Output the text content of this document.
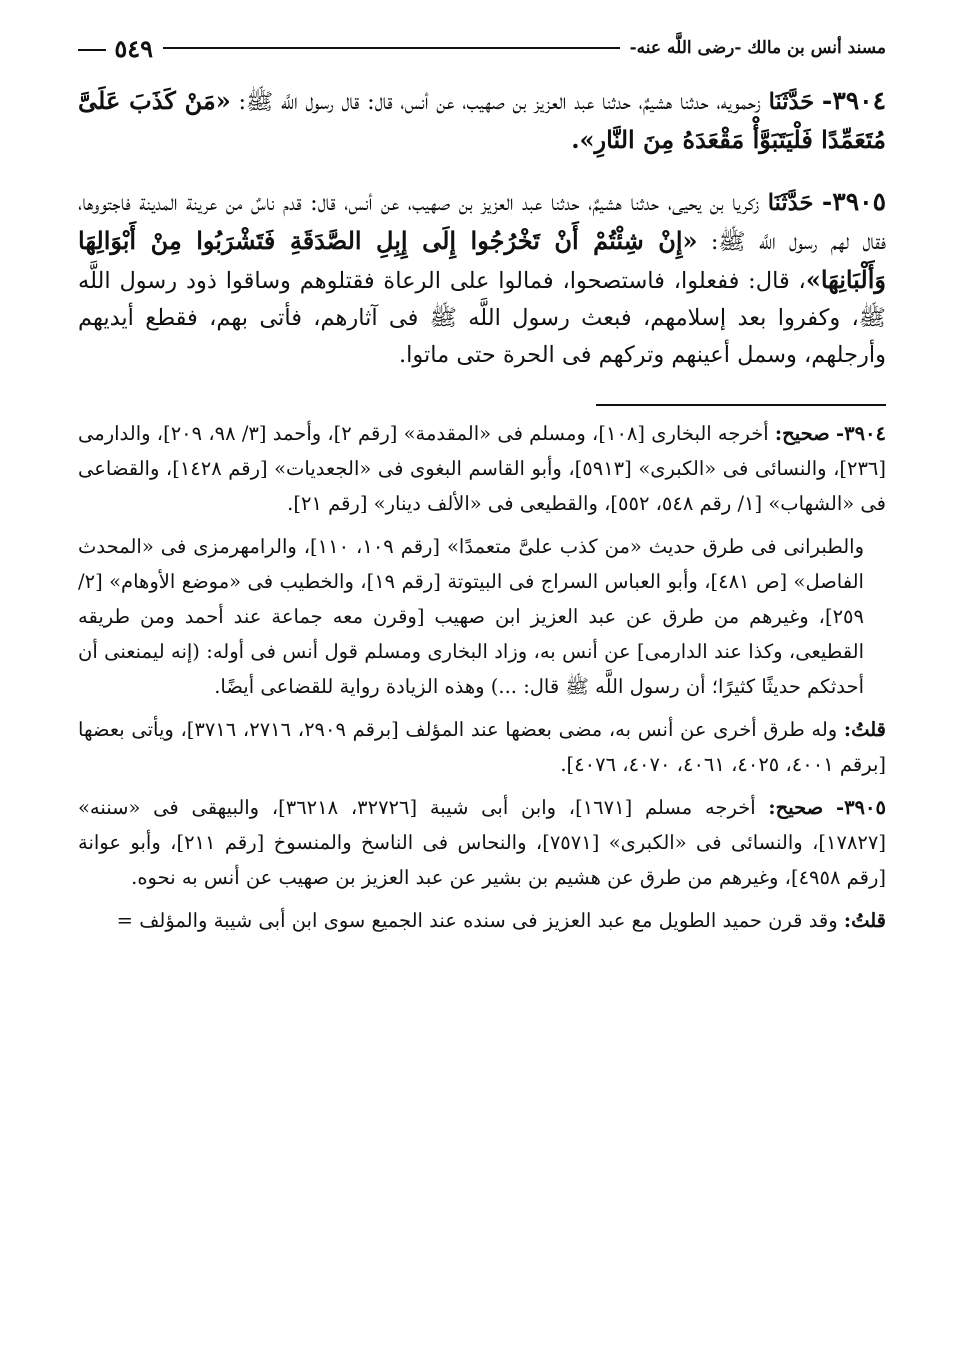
مسند أنس بن مالك -رضى اللَّه عنه-
٥٤٩

٣٩٠٤- حَدَّثَنَا زحمويه، حدثنا هشيمٌ، حدثنا عبد العزيز بن صهيب، عن أنس، قال: قال رسول اللَّه ﷺ: «مَنْ كَذَبَ عَلَىَّ مُتَعَمِّدًا فَلْيَتَبَوَّأْ مَقْعَدَهُ مِنَ النَّارِ».

٣٩٠٥- حَدَّثَنَا زكريا بن يحيى، حدثنا هشيمٌ، حدثنا عبد العزيز بن صهيب، عن أنس، قال: قدم ناسٌ من عرينة المدينة فاجتووها، فقال لهم رسول اللَّه ﷺ: «إِنْ شِئْتُمْ أَنْ تَخْرُجُوا إِلَى إِبِلِ الصَّدَقَةِ فَتَشْرَبُوا مِنْ أَبْوَالِهَا وَأَلْبَانِهَا»، قال: ففعلوا، فاستصحوا، فمالوا على الرعاة فقتلوهم وساقوا ذود رسول اللَّه ﷺ، وكفروا بعد إسلامهم، فبعث رسول اللَّه ﷺ فى آثارهم، فأتى بهم، فقطع أيديهم وأرجلهم، وسمل أعينهم وتركهم فى الحرة حتى ماتوا.

٣٩٠٤- صحيح: أخرجه البخارى [١٠٨]، ومسلم فى «المقدمة» [رقم ٢]، وأحمد [٣/ ٩٨، ٢٠٩]، والدارمى [٢٣٦]، والنسائى فى «الكبرى» [٥٩١٣]، وأبو القاسم البغوى فى «الجعديات» [رقم ١٤٢٨]، والقضاعى فى «الشهاب» [١/ رقم ٥٤٨، ٥٥٢]، والقطيعى فى «الألف دينار» [رقم ٢١].

والطبرانى فى طرق حديث «من كذب علىَّ متعمدًا» [رقم ١٠٩، ١١٠]، والرامهرمزى فى «المحدث الفاصل» [ص ٤٨١]، وأبو العباس السراج فى البيتوتة [رقم ١٩]، والخطيب فى «موضع الأوهام» [٢/ ٢٥٩]، وغيرهم من طرق عن عبد العزيز ابن صهيب [وقرن معه جماعة عند أحمد ومن طريقه القطيعى، وكذا عند الدارمى] عن أنس به، وزاد البخارى ومسلم قول أنس فى أوله: (إنه ليمنعنى أن أحدثكم حديثًا كثيرًا؛ أن رسول اللَّه ﷺ قال: ...) وهذه الزيادة رواية للقضاعى أيضًا.

قلتُ: وله طرق أخرى عن أنس به، مضى بعضها عند المؤلف [برقم ٢٩٠٩، ٢٧١٦، ٣٧١٦]، ويأتى بعضها [برقم ٤٠٠١، ٤٠٢٥، ٤٠٦١، ٤٠٧٠، ٤٠٧٦].

٣٩٠٥- صحيح: أخرجه مسلم [١٦٧١]، وابن أبى شيبة [٣٢٧٢٦، ٣٦٢١٨]، والبيهقى فى «سننه» [١٧٨٢٧]، والنسائى فى «الكبرى» [٧٥٧١]، والنحاس فى الناسخ والمنسوخ [رقم ٢١١]، وأبو عوانة [رقم ٤٩٥٨]، وغيرهم من طرق عن هشيم بن بشير عن عبد العزيز بن صهيب عن أنس به نحوه.

قلتُ: وقد قرن حميد الطويل مع عبد العزيز فى سنده عند الجميع سوى ابن أبى شيبة والمؤلف =
